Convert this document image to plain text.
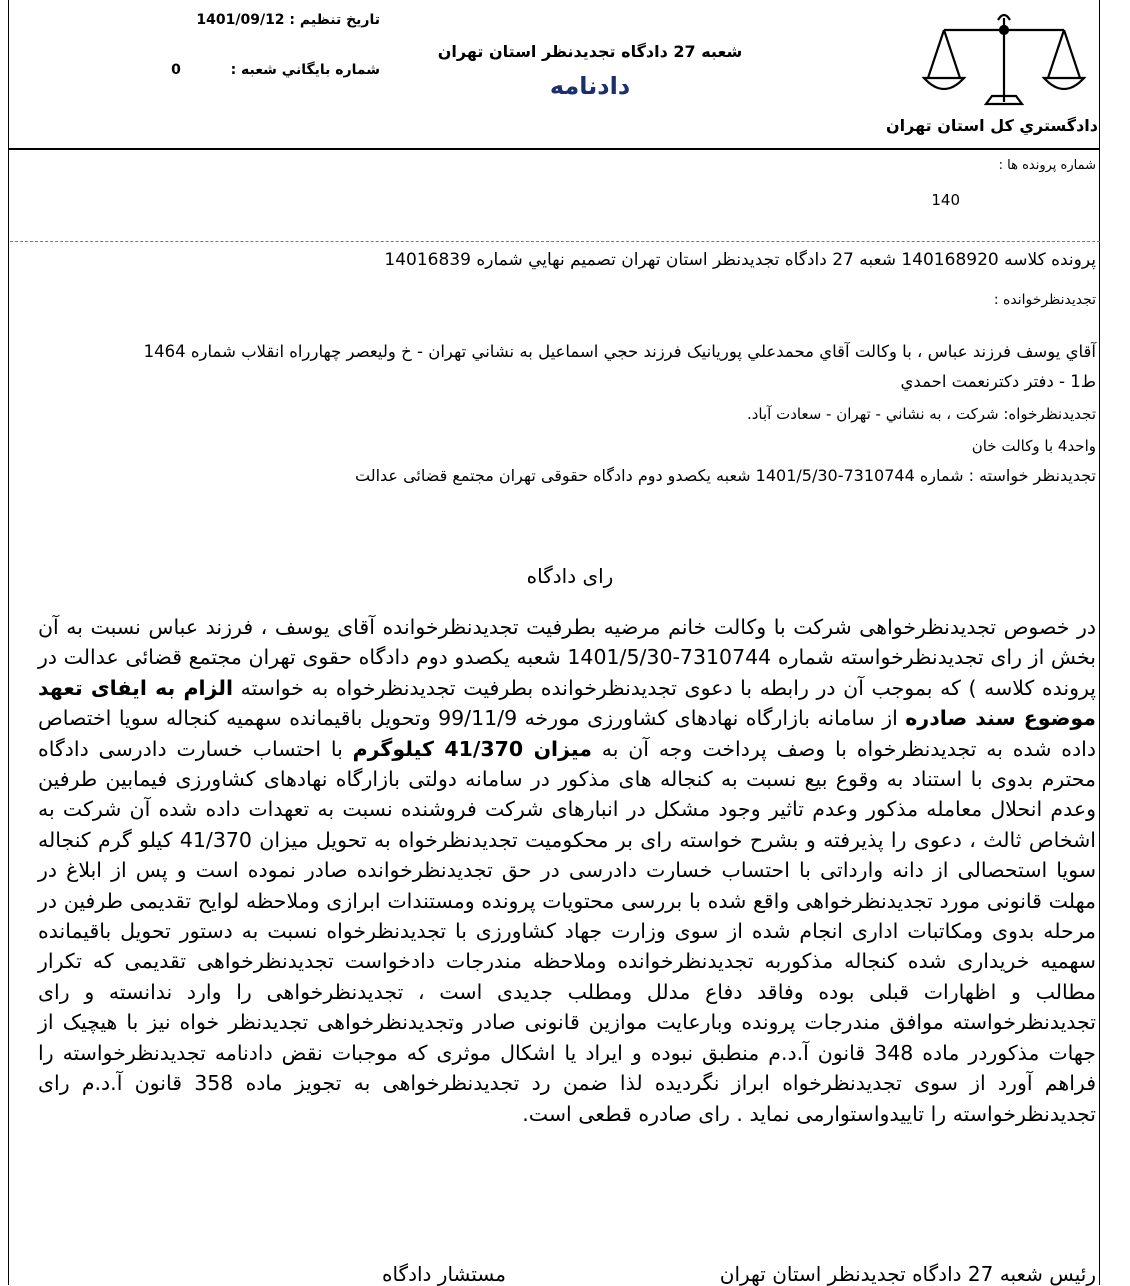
دادگستري کل استان تهران
شعبه 27 دادگاه تجديدنظر استان تهران
دادنامه
تاريخ تنظيم : 1401/09/12
شماره بايگاني شعبه :  0
شماره پرونده ها :
140
پرونده کلاسه 140168920 شعبه 27 دادگاه تجديدنظر استان تهران تصميم نهايي شماره 14016839
تجديدنظرخوانده :
آقاي يوسف فرزند عباس ، با وکالت آقاي محمدعلي پوريانيک فرزند حجي اسماعيل به نشاني تهران - خ وليعصر چهارراه انقلاب شماره 1464
ط1 - دفتر دکترنعمت احمدي
تجديدنظرخواه: شرکت ، به نشاني - تهران - سعادت آباد.
واحد4 با وکالت خان
تجديدنظر خواسته : شماره 7310744-1401/5/30 شعبه يکصدو دوم دادگاه حقوقی تهران مجتمع قضائی عدالت
رای دادگاه
در خصوص تجديدنظرخواهی شرکت با وکالت خانم مرضيه بطرفيت تجديدنظرخوانده آقای يوسف ، فرزند عباس نسبت به آن بخش از رای تجديدنظرخواسته شماره 7310744-1401/5/30 شعبه يکصدو دوم دادگاه حقوی تهران مجتمع قضائی عدالت در پرونده کلاسه ) که بموجب آن در رابطه با دعوی تجديدنظرخوانده بطرفيت تجديدنظرخواه به خواسته الزام به ايفای تعهد موضوع سند صادره از سامانه بازارگاه نهادهای کشاورزی مورخه 99/11/9 وتحويل باقيمانده سهميه کنجاله سويا اختصاص داده شده به تجديدنظرخواه با وصف پرداخت وجه آن به ميزان 41/370 کيلوگرم با احتساب خسارت دادرسی دادگاه محترم بدوی با استناد به وقوع بيع نسبت به کنجاله های مذکور در سامانه دولتی بازارگاه نهادهای کشاورزی فيمابين طرفين وعدم انحلال معامله مذکور وعدم تاثير وجود مشکل در انبارهای شرکت فروشنده نسبت به تعهدات داده شده آن شرکت به اشخاص ثالث ، دعوی را پذيرفته و بشرح خواسته رای بر محکوميت تجديدنظرخواه به تحويل ميزان 41/370 کيلو گرم کنجاله سويا استحصالی از دانه وارداتی با احتساب خسارت دادرسی در حق تجديدنظرخوانده صادر نموده است و پس از ابلاغ در مهلت قانونی مورد تجديدنظرخواهی واقع شده با بررسی محتويات پرونده ومستندات ابرازی وملاحظه لوايح تقديمی طرفين در مرحله بدوی ومکاتبات اداری انجام شده از سوی وزارت جهاد کشاورزی با تجديدنظرخواه نسبت به دستور تحويل باقيمانده سهميه خريداری شده کنجاله مذکوربه تجديدنظرخوانده وملاحظه مندرجات دادخواست تجديدنظرخواهی تقديمی که تکرار مطالب و اظهارات قبلی بوده وفاقد دفاع مدلل ومطلب جديدی است ، تجديدنظرخواهی را وارد ندانسته و رای تجديدنظرخواسته موافق مندرجات پرونده وبارعايت موازين قانونی صادر وتجديدنظرخواهی تجديدنظر خواه نيز با هيچيک از جهات مذکوردر ماده 348 قانون آ.د.م منطبق نبوده و ايراد يا اشکال موثری که موجبات نقض دادنامه تجديدنظرخواسته را فراهم آورد از سوی تجديدنظرخواه ابراز نگرديده لذا ضمن رد تجديدنظرخواهی به تجويز ماده 358 قانون آ.د.م رای تجديدنظرخواسته را تاييدواستوارمی نمايد . رای صادره قطعی است.
رئيس شعبه 27 دادگاه تجديدنظر استان تهران
مستشار دادگاه
